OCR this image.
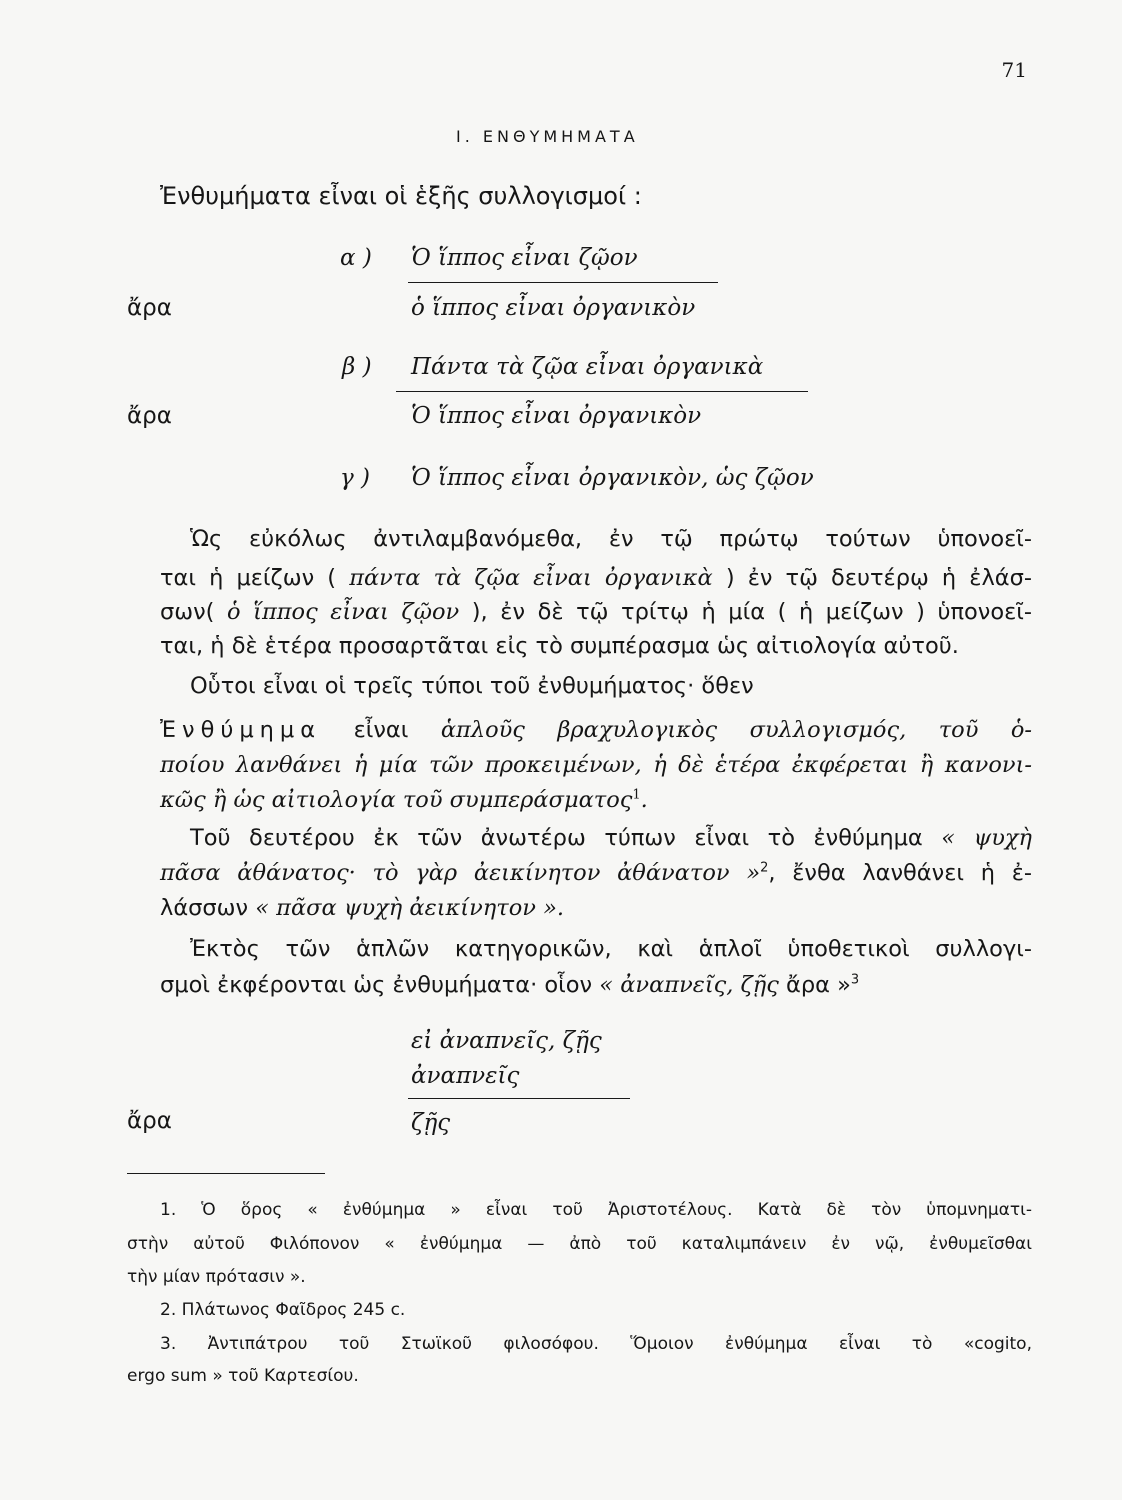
71
Ι. ΕΝΘΥΜΗΜΑΤΑ
Ἐνθυμήματα εἶναι οἱ ἑξῆς συλλογισμοί :
α ) Ὁ ἵππος εἶναι ζῷον
ἄρα	ὁ ἵππος εἶναι ὀργανικὸν
β ) Πάντα τὰ ζῷα εἶναι ὀργανικὰ
ἄρα	Ὁ ἵππος εἶναι ὀργανικὸν
γ ) Ὁ ἵππος εἶναι ὀργανικὸν, ὡς ζῷον
Ὡς εὐκόλως ἀντιλαμβανόμεθα, ἐν τῷ πρώτῳ τούτων ὑπονοεῖ-
ται ἡ μείζων ( πάντα τὰ ζῷα εἶναι ὀργανικὰ ) ἐν τῷ δευτέρῳ ἡ ἐλάσ-
σων( ὁ ἵππος εἶναι ζῷον ), ἐν δὲ τῷ τρίτῳ ἡ μία ( ἡ μείζων ) ὑπονοεῖ-
ται, ἡ δὲ ἑτέρα προσαρτᾶται εἰς τὸ συμπέρασμα ὡς αἰτιολογία αὐτοῦ.
Οὗτοι εἶναι οἱ τρεῖς τύποι τοῦ ἐνθυμήματος· ὅθεν
Ἐνθύμημα εἶναι ἁπλοῦς βραχυλογικὸς συλλογισμός, τοῦ ὁ-
ποίου λανθάνει ἡ μία τῶν προκειμένων, ἡ δὲ ἑτέρα ἐκφέρεται ἢ κανονι-
κῶς ἢ ὡς αἰτιολογία τοῦ συμπεράσματος$^1$.
Τοῦ δευτέρου ἐκ τῶν ἀνωτέρω τύπων εἶναι τὸ ἐνθύμημα « ψυχὴ
πᾶσα ἀθάνατος· τὸ γὰρ ἀεικίνητον ἀθάνατον »$^2$, ἔνθα λανθάνει ἡ ἐ-
λάσσων « πᾶσα ψυχὴ ἀεικίνητον ».
Ἐκτὸς τῶν ἁπλῶν κατηγορικῶν, καὶ ἁπλοῖ ὑποθετικοὶ συλλογι-
σμοὶ ἐκφέρονται ὡς ἐνθυμήματα· οἷον « ἀναπνεῖς, ζῇς ἄρα »$^3$
εἰ ἀναπνεῖς, ζῇς
ἀναπνεῖς
ἄρα	ζῇς
1. Ὁ ὅρος « ἐνθύμημα » εἶναι τοῦ Ἀριστοτέλους. Κατὰ δὲ τὸν ὑπομνηματι-
στὴν αὐτοῦ Φιλόπονον « ἐνθύμημα — ἀπὸ τοῦ καταλιμπάνειν ἐν νῷ, ἐνθυμεῖσθαι
τὴν μίαν πρότασιν ».
2. Πλάτωνος Φαῖδρος 245 c.
3. Ἀντιπάτρου τοῦ Στωϊκοῦ φιλοσόφου. Ὅμοιον ἐνθύμημα εἶναι τὸ «cogito,
ergo sum » τοῦ Καρτεσίου.
